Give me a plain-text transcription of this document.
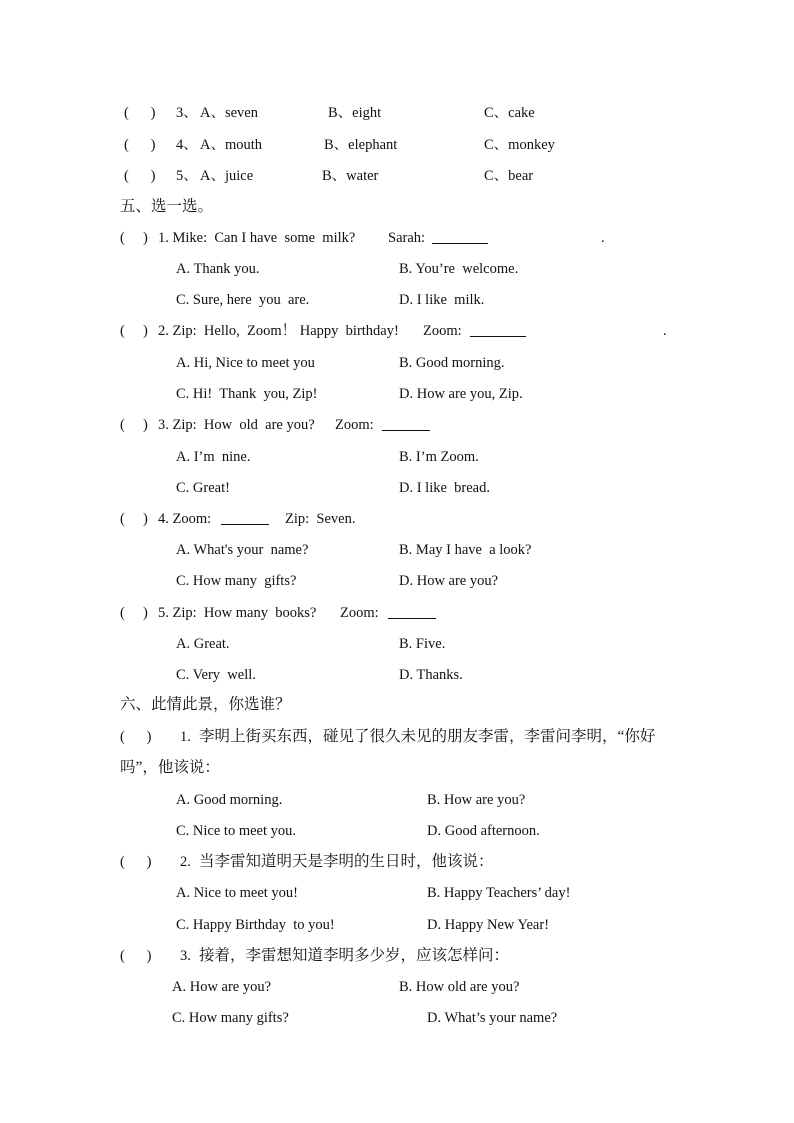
(      ) 3、 A、seven	B、eight	C、cake
(      ) 4、 A、mouth	B、elephant	C、monkey
(      ) 5、 A、juice	B、water	C、bear
五、选一选。
(     ) 1. Mike:  Can I have  some  milk? Sarah:	.
A. Thank you.	B. You’re  welcome.
C. Sure, here  you  are.	D. I like  milk.
(     ) 2. Zip:  Hello,  Zoom！ Happy  birthday! Zoom:	.
A. Hi, Nice to meet you	B. Good morning.
C. Hi!  Thank  you, Zip!	D. How are you, Zip.
(     ) 3. Zip:  How  old  are you? Zoom:
A. I’m  nine.	B. I’m Zoom.
C. Great!	D. I like  bread.
(     ) 4. Zoom:	Zip:  Seven.
A. What's your  name?	B. May I have  a look?
C. How many  gifts?	D. How are you?
(     ) 5. Zip:  How many  books? Zoom:
A. Great.	B. Five.
C. Very  well.	D. Thanks.
六、此情此景，你选谁？
(      ) 1. 李明上街买东西，碰见了很久未见的朋友李雷，李雷问李明，“你好
吗”，他该说：
A. Good morning.	B. How are you?
C. Nice to meet you.	D. Good afternoon.
(      ) 2. 当李雷知道明天是李明的生日时，他该说：
A. Nice to meet you!	B. Happy Teachers’ day!
C. Happy Birthday  to you!	D. Happy New Year!
(      ) 3. 接着，李雷想知道李明多少岁，应该怎样问：
A. How are you?	B. How old are you?
C. How many gifts?	D. What’s your name?
